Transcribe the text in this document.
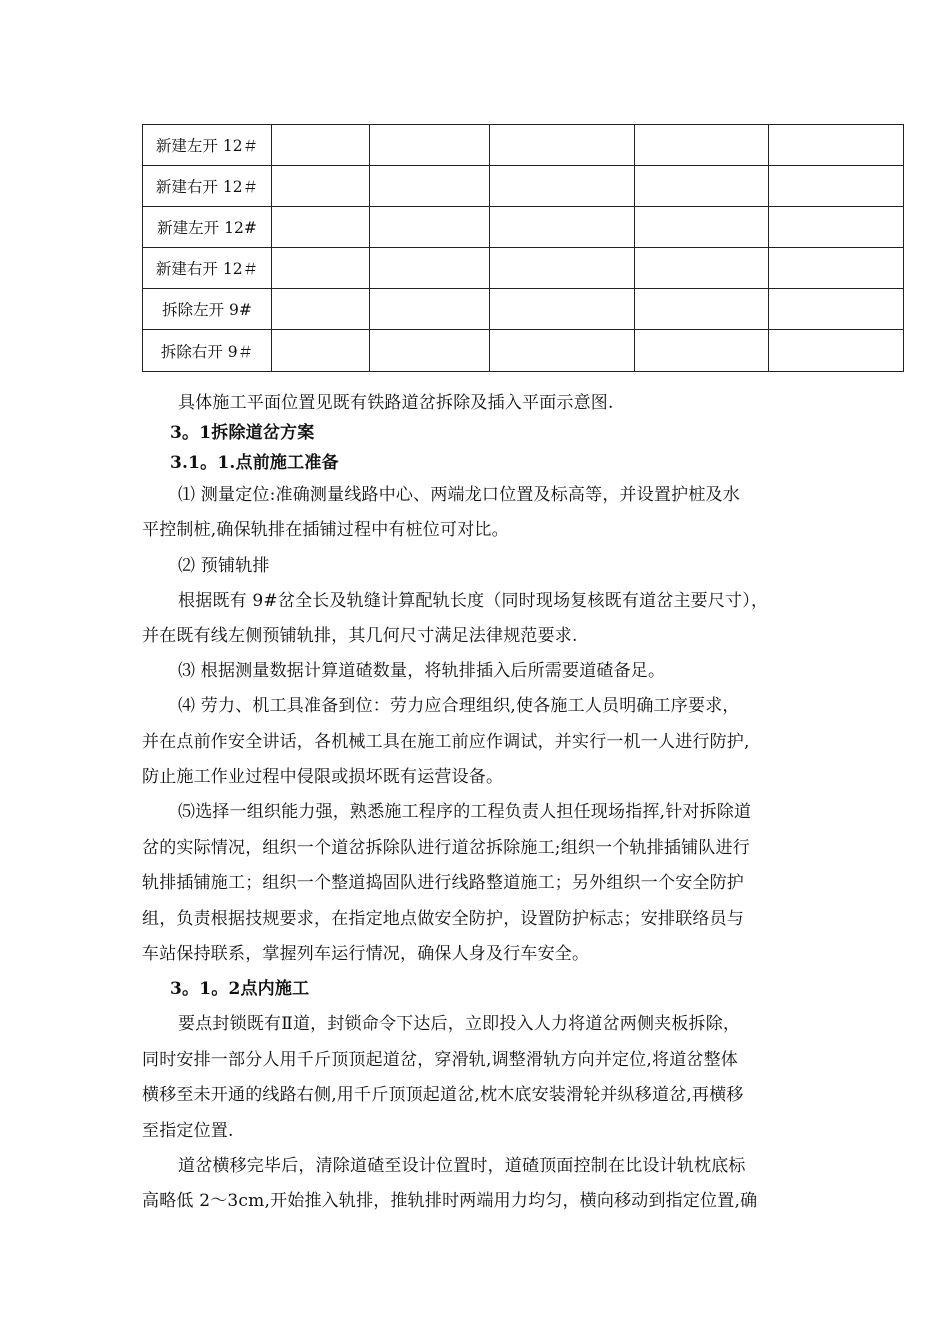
新建左开 12＃					
新建右开 12＃					
新建左开 12#					
新建右开 12＃					
拆除左开 9#					
拆除右开 9＃					
具体施工平面位置见既有铁路道岔拆除及插入平面示意图.
3。1拆除道岔方案
3.1。1.点前施工准备
⑴ 测量定位:准确测量线路中心、两端龙口位置及标高等，并设置护桩及水
平控制桩,确保轨排在插铺过程中有桩位可对比。
⑵ 预铺轨排
根据既有 9#岔全长及轨缝计算配轨长度（同时现场复核既有道岔主要尺寸），
并在既有线左侧预铺轨排，其几何尺寸满足法律规范要求.
⑶ 根据测量数据计算道碴数量，将轨排插入后所需要道碴备足。
⑷ 劳力、机工具准备到位：劳力应合理组织,使各施工人员明确工序要求，
并在点前作安全讲话，各机械工具在施工前应作调试，并实行一机一人进行防护,
防止施工作业过程中侵限或损坏既有运营设备。
⑸选择一组织能力强，熟悉施工程序的工程负责人担任现场指挥,针对拆除道
岔的实际情况，组织一个道岔拆除队进行道岔拆除施工;组织一个轨排插铺队进行
轨排插铺施工；组织一个整道捣固队进行线路整道施工；另外组织一个安全防护
组，负责根据技规要求，在指定地点做安全防护，设置防护标志；安排联络员与
车站保持联系，掌握列车运行情况，确保人身及行车安全。
3。1。2点内施工
要点封锁既有Ⅱ道，封锁命令下达后，立即投入人力将道岔两侧夹板拆除，
同时安排一部分人用千斤顶顶起道岔，穿滑轨,调整滑轨方向并定位,将道岔整体
横移至未开通的线路右侧,用千斤顶顶起道岔,枕木底安装滑轮并纵移道岔,再横移
至指定位置.
道岔横移完毕后，清除道碴至设计位置时，道碴顶面控制在比设计轨枕底标
高略低 2～3cm,开始推入轨排，推轨排时两端用力均匀，横向移动到指定位置,确
